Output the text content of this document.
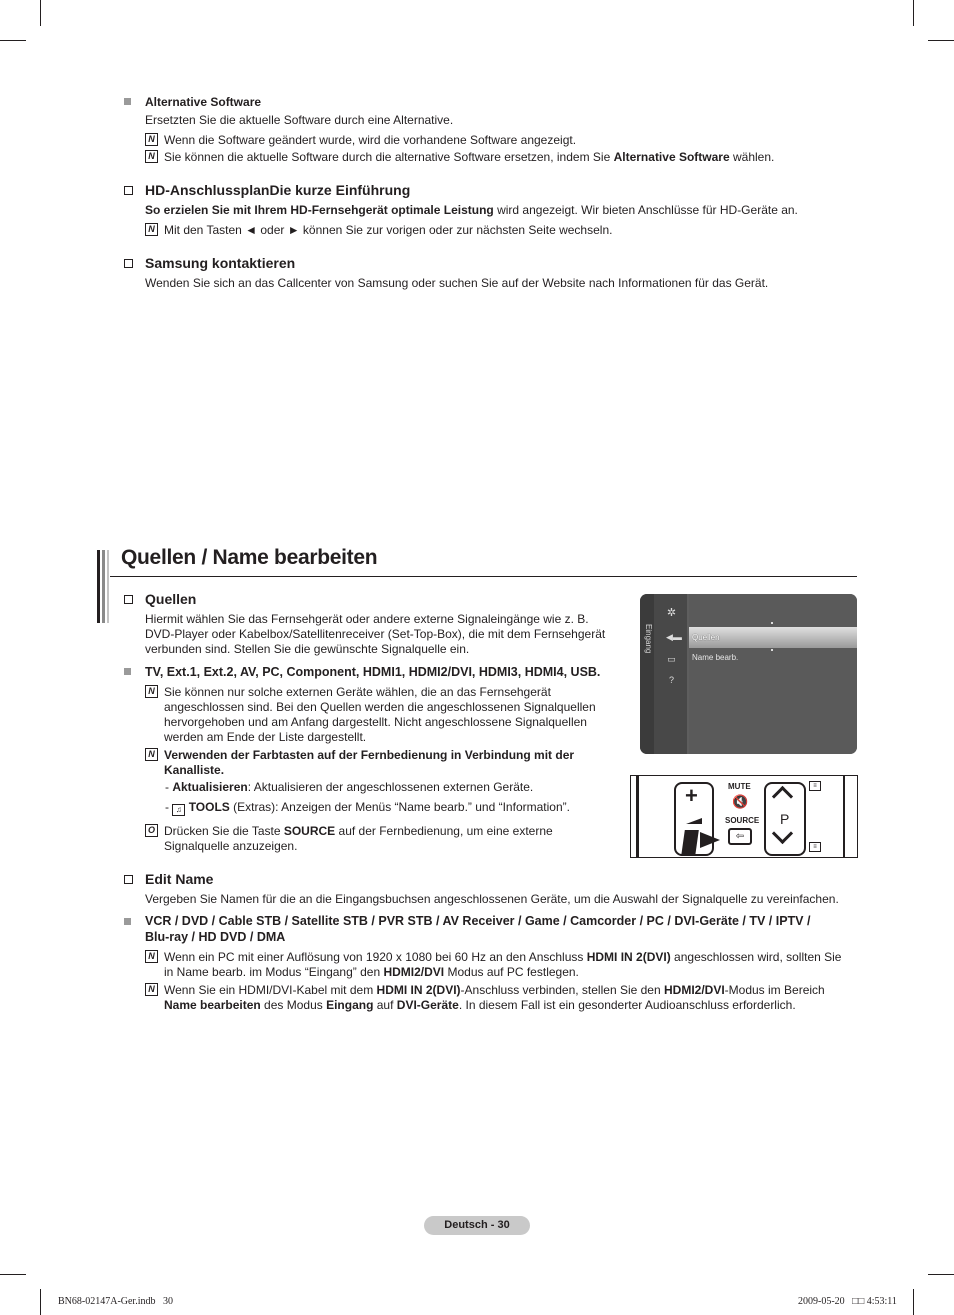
Alternative Software
Ersetzten Sie die aktuelle Software durch eine Alternative.
N Wenn die Software geändert wurde, wird die vorhandene Software angezeigt.
N Sie können die aktuelle Software durch die alternative Software ersetzen, indem Sie Alternative Software wählen.
HD-AnschlussplanDie kurze Einführung
So erzielen Sie mit Ihrem HD-Fernsehgerät optimale Leistung wird angezeigt. Wir bieten Anschlüsse für HD-Geräte an.
N Mit den Tasten ◄ oder ► können Sie zur vorigen oder zur nächsten Seite wechseln.
Samsung kontaktieren
Wenden Sie sich an das Callcenter von Samsung oder suchen Sie auf der Website nach Informationen für das Gerät.
Quellen / Name bearbeiten
Quellen
Hiermit wählen Sie das Fernsehgerät oder andere externe Signaleingänge wie z. B.
DVD-Player oder Kabelbox/Satellitenreceiver (Set-Top-Box), die mit dem Fernsehgerät
verbunden sind. Stellen Sie die gewünschte Signalquelle ein.
TV, Ext.1, Ext.2, AV, PC, Component, HDMI1, HDMI2/DVI, HDMI3, HDMI4, USB.
N Sie können nur solche externen Geräte wählen, die an das Fernsehgerät
angeschlossen sind. Bei den Quellen werden die angeschlossenen Signalquellen
hervorgehoben und am Anfang dargestellt. Nicht angeschlossene Signalquellen
werden am Ende der Liste dargestellt.
N Verwenden der Farbtasten auf der Fernbedienung in Verbindung mit der
Kanalliste.
- Aktualisieren: Aktualisieren der angeschlossenen externen Geräte.
- ♫ TOOLS (Extras): Anzeigen der Menüs “Name bearb.” und “Information”.
O Drücken Sie die Taste SOURCE auf der Fernbedienung, um eine externe
Signalquelle anzuzeigen.
Eingang
✲
◀▬
▭
?
Quellen
Name bearb.
+	MUTE
🔇
SOURCE
⇦
P
≡
≡
Edit Name
Vergeben Sie Namen für die an die Eingangsbuchsen angeschlossenen Geräte, um die Auswahl der Signalquelle zu vereinfachen.
VCR / DVD / Cable STB / Satellite STB / PVR STB / AV Receiver / Game / Camcorder / PC / DVI-Geräte / TV / IPTV /
Blu-ray / HD DVD / DMA
N Wenn ein PC mit einer Auflösung von 1920 x 1080 bei 60 Hz an den Anschluss HDMI IN 2(DVI) angeschlossen wird, sollten Sie
in Name bearb. im Modus “Eingang” den HDMI2/DVI Modus auf PC festlegen.
N Wenn Sie ein HDMI/DVI-Kabel mit dem HDMI IN 2(DVI)-Anschluss verbinden, stellen Sie den HDMI2/DVI-Modus im Bereich
Name bearbeiten des Modus Eingang auf DVI-Geräte. In diesem Fall ist ein gesonderter Audioanschluss erforderlich.
Deutsch - 30
BN68-02147A-Ger.indb   30	2009-05-20   □□ 4:53:11
